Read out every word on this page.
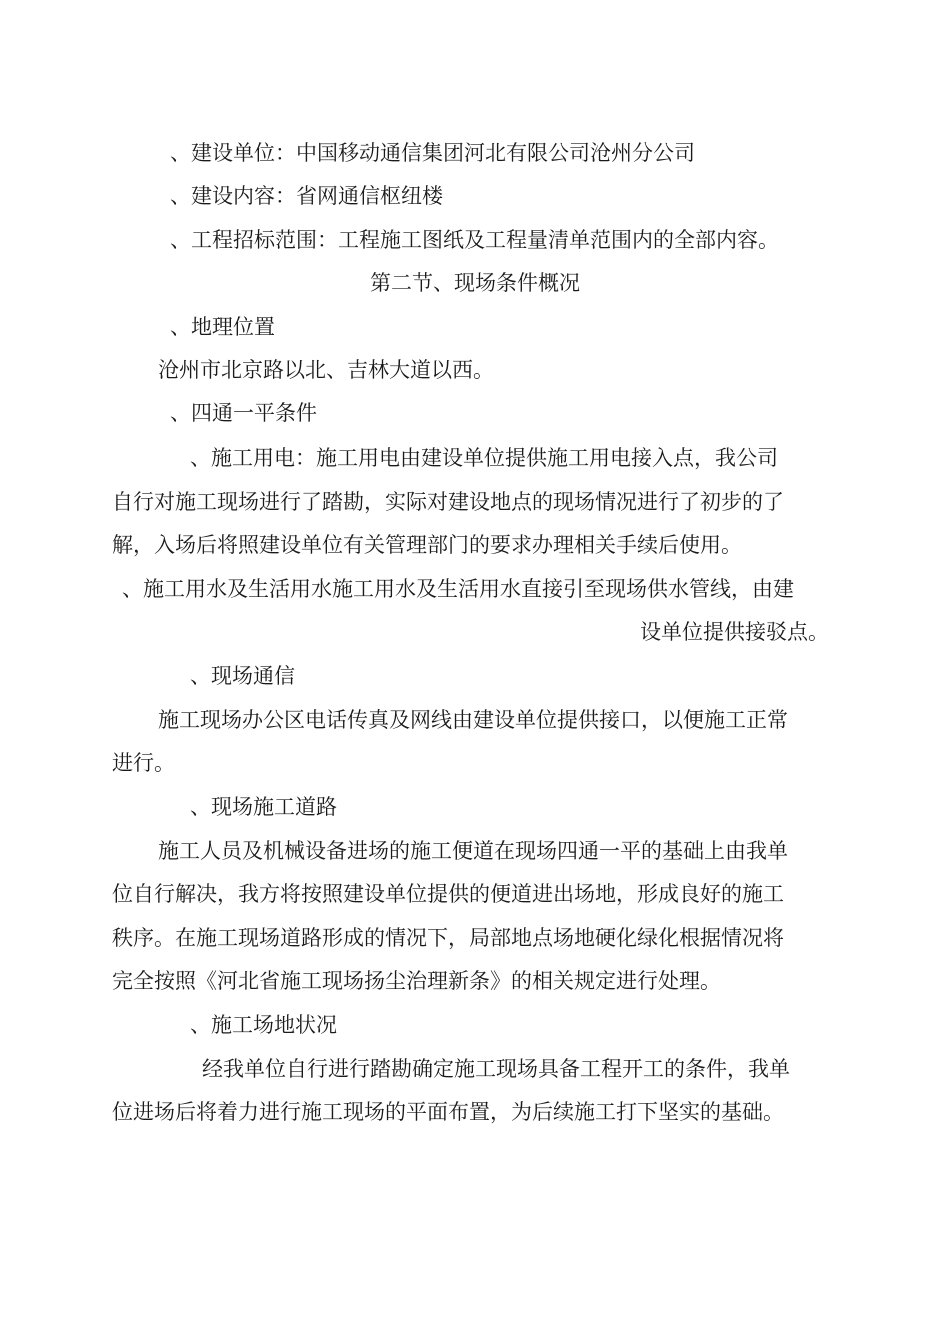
、建设单位：中国移动通信集团河北有限公司沧州分公司
、建设内容：省网通信枢纽楼
、工程招标范围：工程施工图纸及工程量清单范围内的全部内容。
第二节、现场条件概况
、地理位置
沧州市北京路以北、吉林大道以西。
、四通一平条件
、施工用电：施工用电由建设单位提供施工用电接入点，我公司
自行对施工现场进行了踏勘，实际对建设地点的现场情况进行了初步的了
解，入场后将照建设单位有关管理部门的要求办理相关手续后使用。
、施工用水及生活用水施工用水及生活用水直接引至现场供水管线，由建
设单位提供接驳点。
、现场通信
施工现场办公区电话传真及网线由建设单位提供接口，以便施工正常
进行。
、现场施工道路
施工人员及机械设备进场的施工便道在现场四通一平的基础上由我单
位自行解决，我方将按照建设单位提供的便道进出场地，形成良好的施工
秩序。在施工现场道路形成的情况下，局部地点场地硬化绿化根据情况将
完全按照《河北省施工现场扬尘治理新条》的相关规定进行处理。
、施工场地状况
经我单位自行进行踏勘确定施工现场具备工程开工的条件，我单
位进场后将着力进行施工现场的平面布置，为后续施工打下坚实的基础。
